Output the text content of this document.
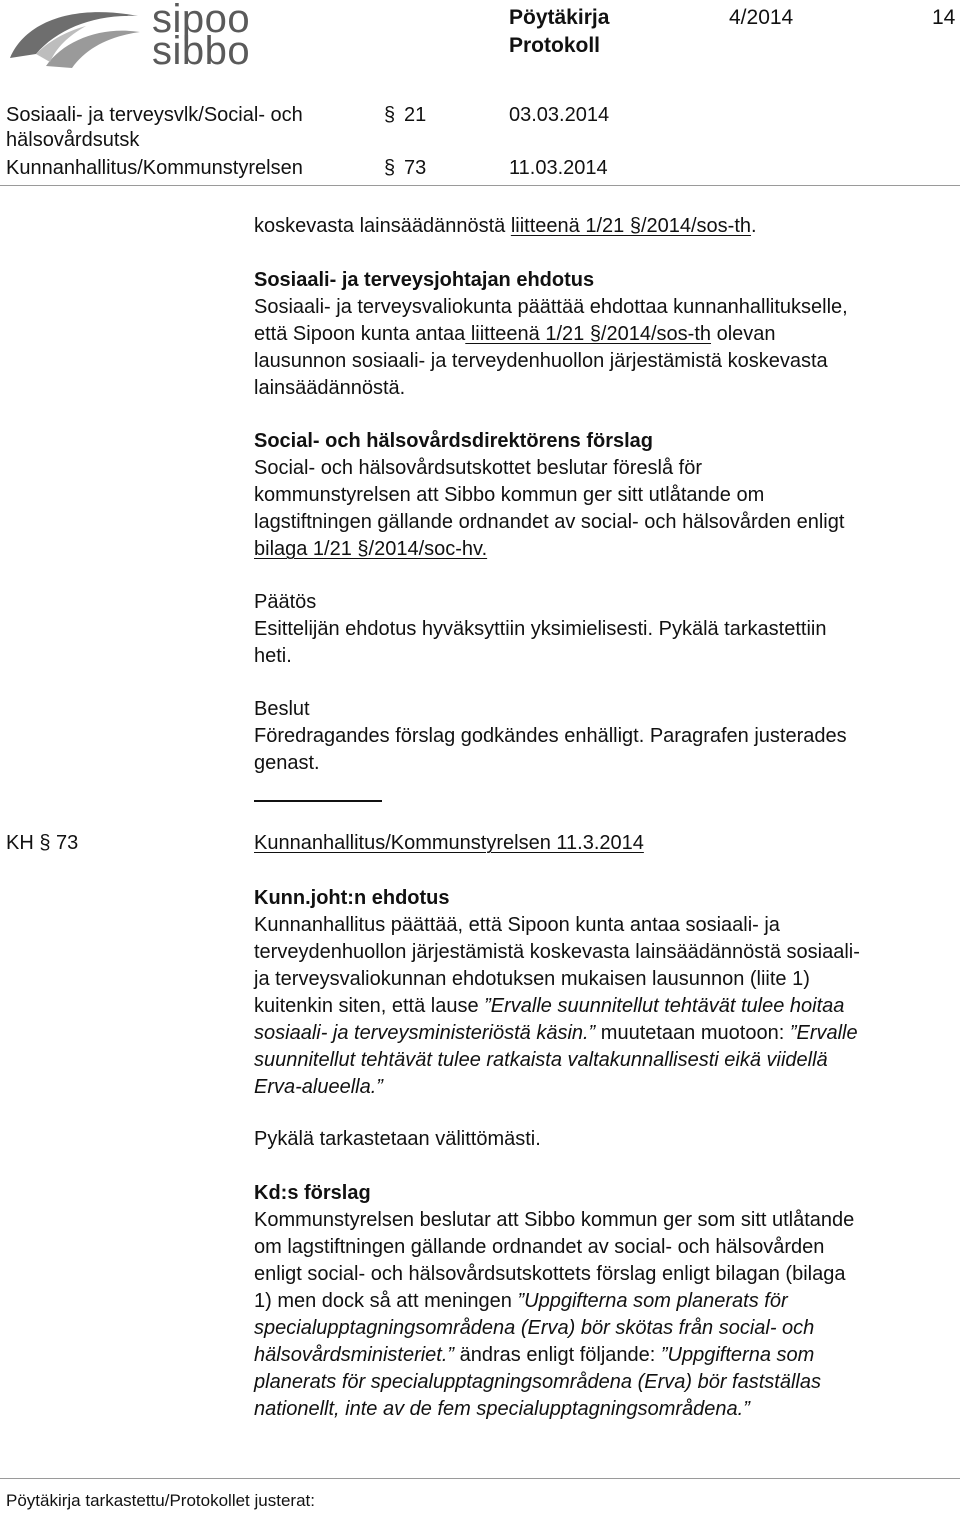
sipoo
sibbo
Pöytäkirja
Protokoll
4/2014	14
Sosiaali- ja terveysvlk/Social- och
hälsovårdsutsk
§ 21	03.03.2014
Kunnanhallitus/Kommunstyrelsen	§ 73	11.03.2014

koskevasta lainsäädännöstä liitteenä 1/21 §/2014/sos-th.

Sosiaali- ja terveysjohtajan ehdotus

Sosiaali- ja terveysvaliokunta päättää ehdottaa kunnanhallitukselle,

että Sipoon kunta antaa liitteenä 1/21 §/2014/sos-th olevan

lausunnon sosiaali- ja terveydenhuollon järjestämistä koskevasta

lainsäädännöstä.

Social- och hälsovårdsdirektörens förslag

Social- och hälsovårdsutskottet beslutar föreslå för

kommunstyrelsen att Sibbo kommun ger sitt utlåtande om

lagstiftningen gällande ordnandet av social- och hälsovården enligt

bilaga 1/21 §/2014/soc-hv.

Päätös

Esittelijän ehdotus hyväksyttiin yksimielisesti. Pykälä tarkastettiin

heti.

Beslut

Föredragandes förslag godkändes enhälligt. Paragrafen justerades

genast.

KH § 73	Kunnanhallitus/Kommunstyrelsen 11.3.2014

Kunn.joht:n ehdotus

Kunnanhallitus päättää, että Sipoon kunta antaa sosiaali- ja

terveydenhuollon järjestämistä koskevasta lainsäädännöstä sosiaali-

ja terveysvaliokunnan ehdotuksen mukaisen lausunnon (liite 1)

kuitenkin siten, että lause ”Ervalle suunnitellut tehtävät tulee hoitaa

sosiaali- ja terveysministeriöstä käsin.” muutetaan muotoon: ”Ervalle

suunnitellut tehtävät tulee ratkaista valtakunnallisesti eikä viidellä

Erva-alueella.”

Pykälä tarkastetaan välittömästi.

Kd:s förslag

Kommunstyrelsen beslutar att Sibbo kommun ger som sitt utlåtande

om lagstiftningen gällande ordnandet av social- och hälsovården

enligt social- och hälsovårdsutskottets förslag enligt bilagan (bilaga

1) men dock så att meningen ”Uppgifterna som planerats för

specialupptagningsområdena (Erva) bör skötas från social- och

hälsovårdsministeriet.” ändras enligt följande: ”Uppgifterna som

planerats för specialupptagningsområdena (Erva) bör fastställas

nationellt, inte av de fem specialupptagningsområdena.”

Pöytäkirja tarkastettu/Protokollet justerat:
